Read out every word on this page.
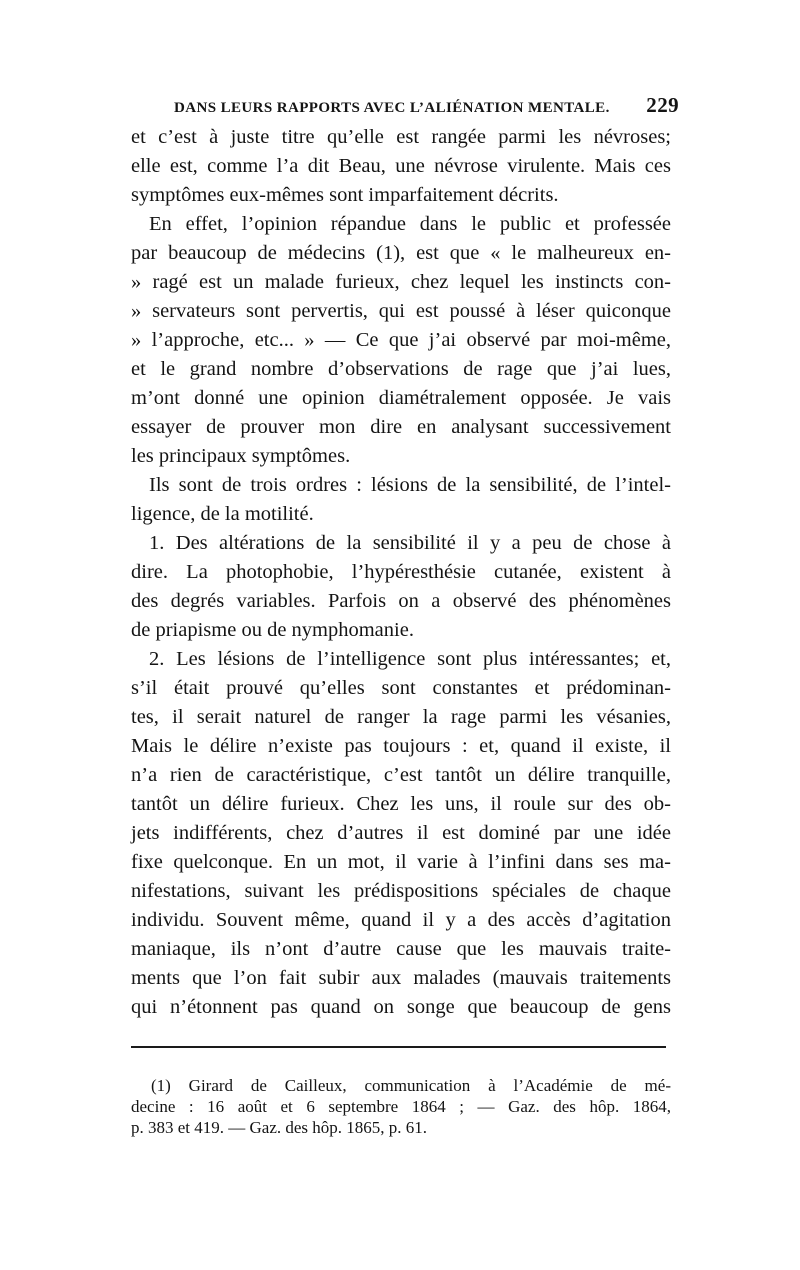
DANS LEURS RAPPORTS AVEC L’ALIÉNATION MENTALE. 229
et c’est à juste titre qu’elle est rangée parmi les névroses;
elle est, comme l’a dit Beau, une névrose virulente. Mais ces
symptômes eux-mêmes sont imparfaitement décrits.
En effet, l’opinion répandue dans le public et professée
par beaucoup de médecins (1), est que « le malheureux en-
» ragé est un malade furieux, chez lequel les instincts con-
» servateurs sont pervertis, qui est poussé à léser quiconque
» l’approche, etc... » — Ce que j’ai observé par moi-même,
et le grand nombre d’observations de rage que j’ai lues,
m’ont donné une opinion diamétralement opposée. Je vais
essayer de prouver mon dire en analysant successivement
les principaux symptômes.
Ils sont de trois ordres : lésions de la sensibilité, de l’intel-
ligence, de la motilité.
1. Des altérations de la sensibilité il y a peu de chose à
dire. La photophobie, l’hypéresthésie cutanée, existent à
des degrés variables. Parfois on a observé des phénomènes
de priapisme ou de nymphomanie.
2. Les lésions de l’intelligence sont plus intéressantes; et,
s’il était prouvé qu’elles sont constantes et prédominan-
tes, il serait naturel de ranger la rage parmi les vésanies,
Mais le délire n’existe pas toujours : et, quand il existe, il
n’a rien de caractéristique, c’est tantôt un délire tranquille,
tantôt un délire furieux. Chez les uns, il roule sur des ob-
jets indifférents, chez d’autres il est dominé par une idée
fixe quelconque. En un mot, il varie à l’infini dans ses ma-
nifestations, suivant les prédispositions spéciales de chaque
individu. Souvent même, quand il y a des accès d’agitation
maniaque, ils n’ont d’autre cause que les mauvais traite-
ments que l’on fait subir aux malades (mauvais traitements
qui n’étonnent pas quand on songe que beaucoup de gens
(1) Girard de Cailleux, communication à l’Académie de mé-
decine : 16 août et 6 septembre 1864 ; — Gaz. des hôp. 1864,
p. 383 et 419. — Gaz. des hôp. 1865, p. 61.
